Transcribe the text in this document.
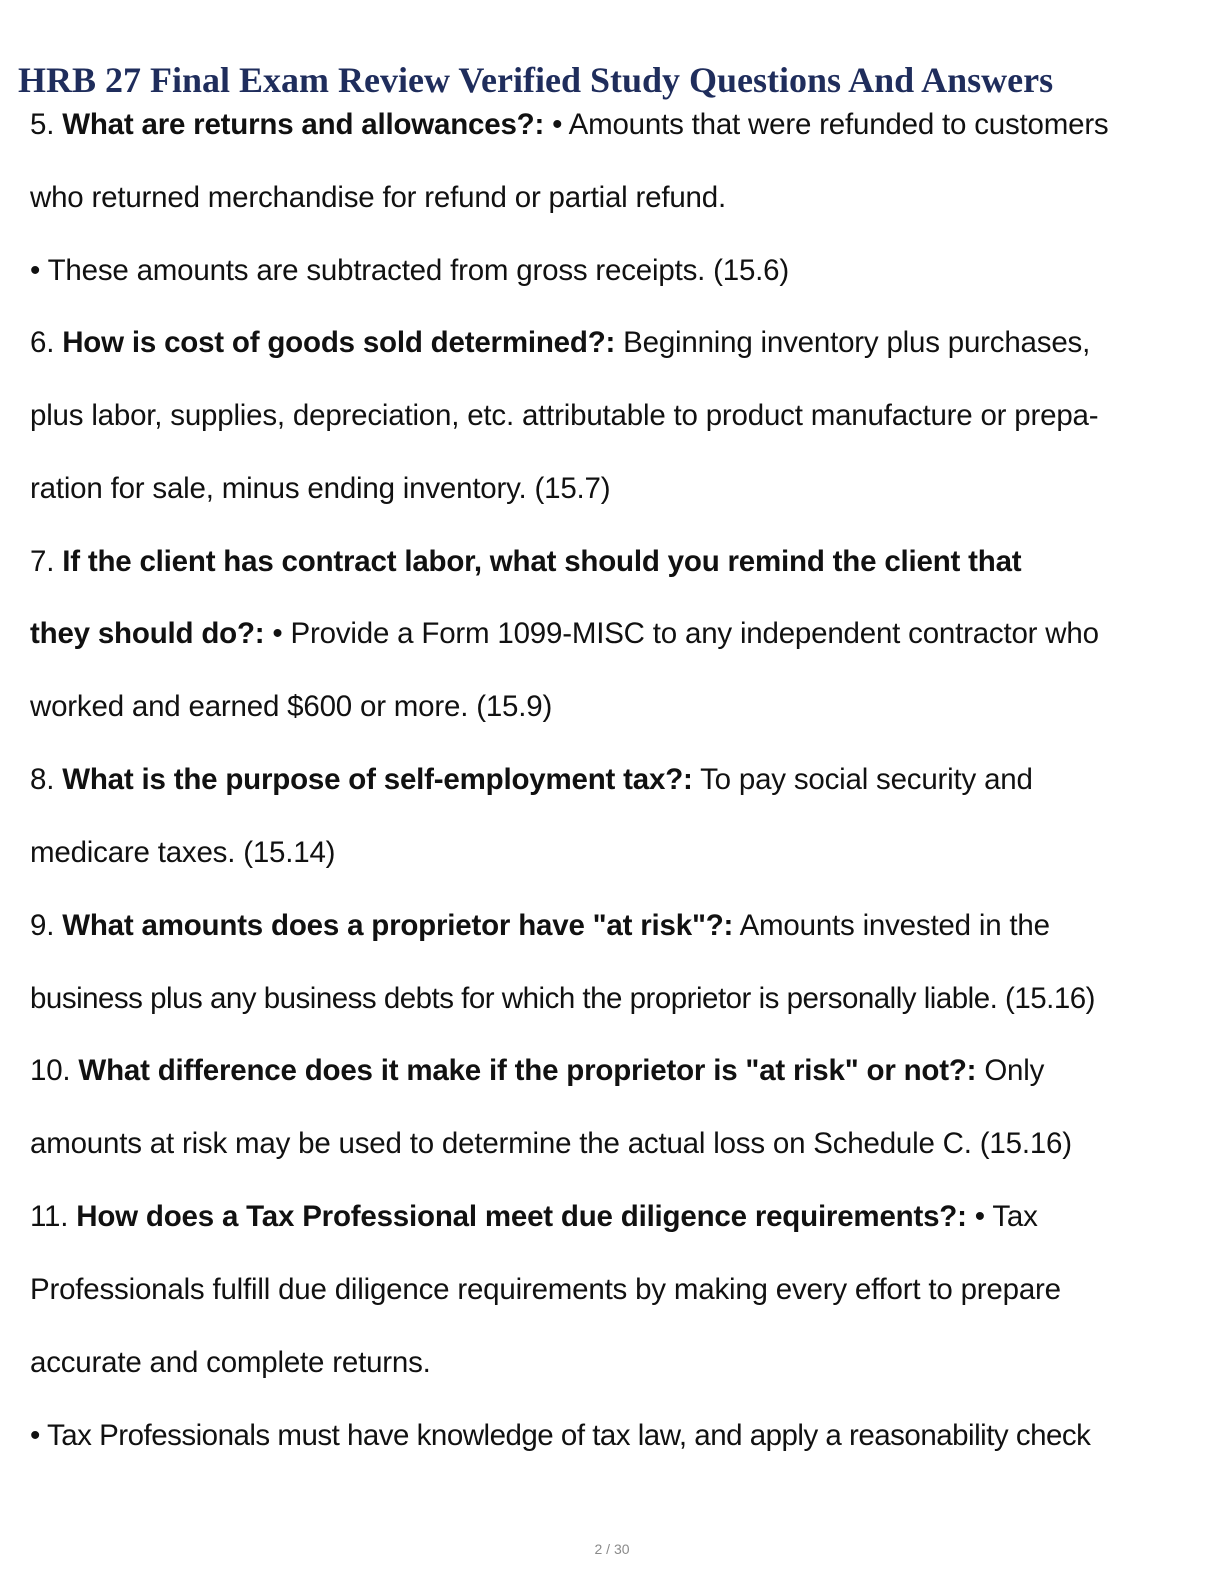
HRB 27 Final Exam Review Verified Study Questions And Answers
5. What are returns and allowances?: • Amounts that were refunded to customers
who returned merchandise for refund or partial refund.
• These amounts are subtracted from gross receipts. (15.6)
6. How is cost of goods sold determined?: Beginning inventory plus purchases,
plus labor, supplies, depreciation, etc. attributable to product manufacture or prepa-
ration for sale, minus ending inventory. (15.7)
7. If the client has contract labor, what should you remind the client that
they should do?: • Provide a Form 1099-MISC to any independent contractor who
worked and earned $600 or more. (15.9)
8. What is the purpose of self-employment tax?: To pay social security and
medicare taxes. (15.14)
9. What amounts does a proprietor have "at risk"?: Amounts invested in the
business plus any business debts for which the proprietor is personally liable. (15.16)
10. What difference does it make if the proprietor is "at risk" or not?: Only
amounts at risk may be used to determine the actual loss on Schedule C. (15.16)
11. How does a Tax Professional meet due diligence requirements?: • Tax
Professionals fulfill due diligence requirements by making every effort to prepare
accurate and complete returns.
• Tax Professionals must have knowledge of tax law, and apply a reasonability check
2 / 30
